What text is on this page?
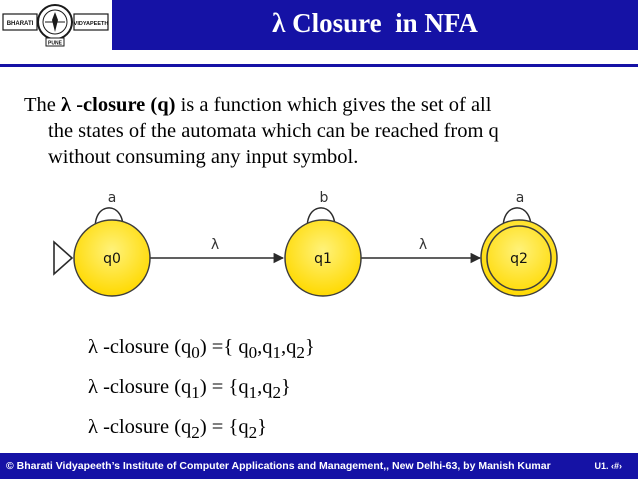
BHARATI	VIDYAPEETH
PUNE
λ Closure  in NFA
The λ -closure (q) is a function which gives the set of all
the states of the automata which can be reached from q
without consuming any input symbol.
λ	λ
a	b	a
q0	q1	q2
λ -closure $(q_0)$ ={ $q_0,q_1,q_2$}
λ -closure $(q_1) = \{q_1,q_2\}$
λ -closure $(q_2) = \{q_2\}$
© Bharati Vidyapeeth’s Institute of Computer Applications and Management,, New Delhi-63, by Manish Kumar	U1. ‹#›
